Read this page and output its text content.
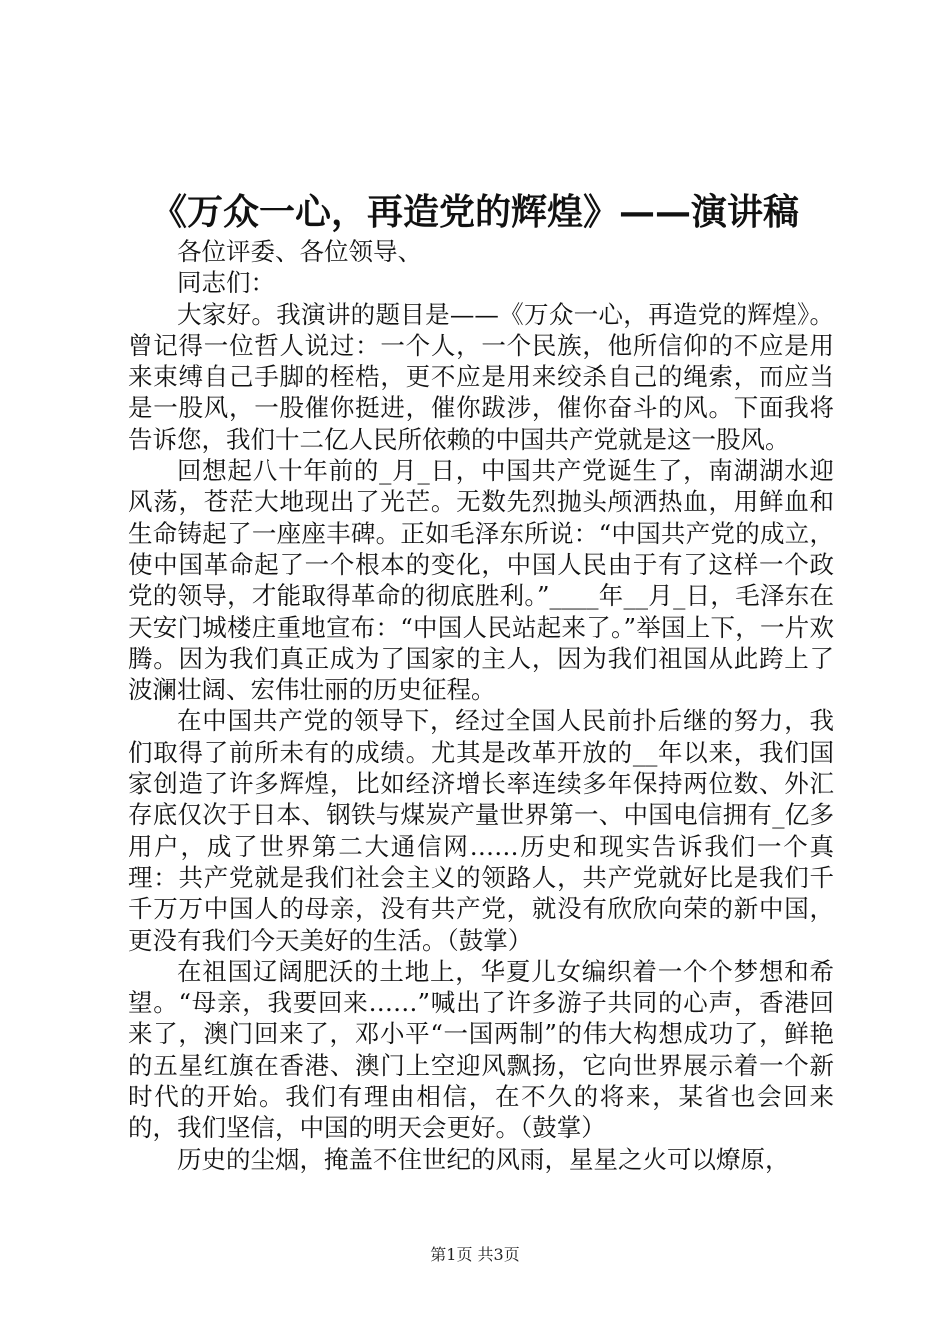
《万众一心，再造党的辉煌》——演讲稿

各位评委、各位领导、

同志们：

大家好。我演讲的题目是——《万众一心，再造党的辉煌》。曾记得一位哲人说过：一个人，一个民族，他所信仰的不应是用来束缚自己手脚的桎梏，更不应是用来绞杀自己的绳索，而应当是一股风，一股催你挺进，催你跋涉，催你奋斗的风。下面我将告诉您，我们十二亿人民所依赖的中国共产党就是这一股风。

回想起八十年前的_月_日，中国共产党诞生了，南湖湖水迎风荡，苍茫大地现出了光芒。无数先烈抛头颅洒热血，用鲜血和生命铸起了一座座丰碑。正如毛泽东所说：“中国共产党的成立，使中国革命起了一个根本的变化，中国人民由于有了这样一个政党的领导，才能取得革命的彻底胜利。”____年__月_日，毛泽东在天安门城楼庄重地宣布：“中国人民站起来了。”举国上下，一片欢腾。因为我们真正成为了国家的主人，因为我们祖国从此跨上了波澜壮阔、宏伟壮丽的历史征程。

在中国共产党的领导下，经过全国人民前扑后继的努力，我们取得了前所未有的成绩。尤其是改革开放的__年以来，我们国家创造了许多辉煌，比如经济增长率连续多年保持两位数、外汇存底仅次于日本、钢铁与煤炭产量世界第一、中国电信拥有_亿多用户，成了世界第二大通信网……历史和现实告诉我们一个真理：共产党就是我们社会主义的领路人，共产党就好比是我们千千万万中国人的母亲，没有共产党，就没有欣欣向荣的新中国，更没有我们今天美好的生活。（鼓掌）

在祖国辽阔肥沃的土地上，华夏儿女编织着一个个梦想和希望。“母亲，我要回来……”喊出了许多游子共同的心声，香港回来了，澳门回来了，邓小平“一国两制”的伟大构想成功了，鲜艳的五星红旗在香港、澳门上空迎风飘扬，它向世界展示着一个新时代的开始。我们有理由相信，在不久的将来，某省也会回来的，我们坚信，中国的明天会更好。（鼓掌）

历史的尘烟，掩盖不住世纪的风雨，星星之火可以燎原，

第1页 共3页
